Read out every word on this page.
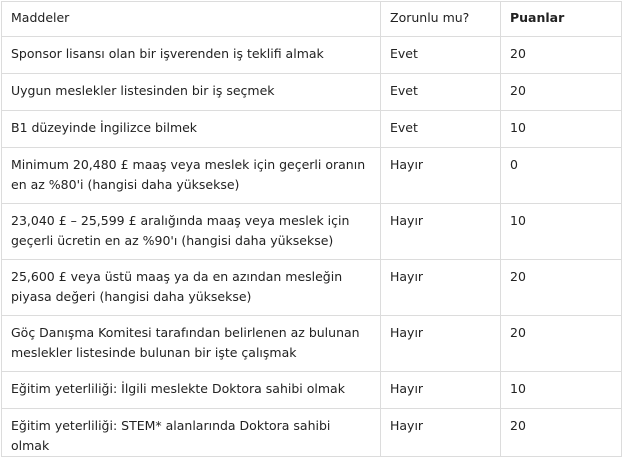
Maddeler	Zorunlu mu?	Puanlar
Sponsor lisansı olan bir işverenden iş teklifi almak	Evet	20
Uygun meslekler listesinden bir iş seçmek	Evet	20
B1 düzeyinde İngilizce bilmek	Evet	10
Minimum 20,480 £ maaş veya meslek için geçerli oranın en az %80'i (hangisi daha yüksekse)	Hayır	0
23,040 £ – 25,599 £ aralığında maaş veya meslek için geçerli ücretin en az %90'ı (hangisi daha yüksekse)	Hayır	10
25,600 £ veya üstü maaş ya da en azından mesleğin piyasa değeri (hangisi daha yüksekse)	Hayır	20
Göç Danışma Komitesi tarafından belirlenen az bulunan meslekler listesinde bulunan bir işte çalışmak	Hayır	20
Eğitim yeterliliği: İlgili meslekte Doktora sahibi olmak	Hayır	10
Eğitim yeterliliği: STEM* alanlarında Doktora sahibi olmak	Hayır	20
